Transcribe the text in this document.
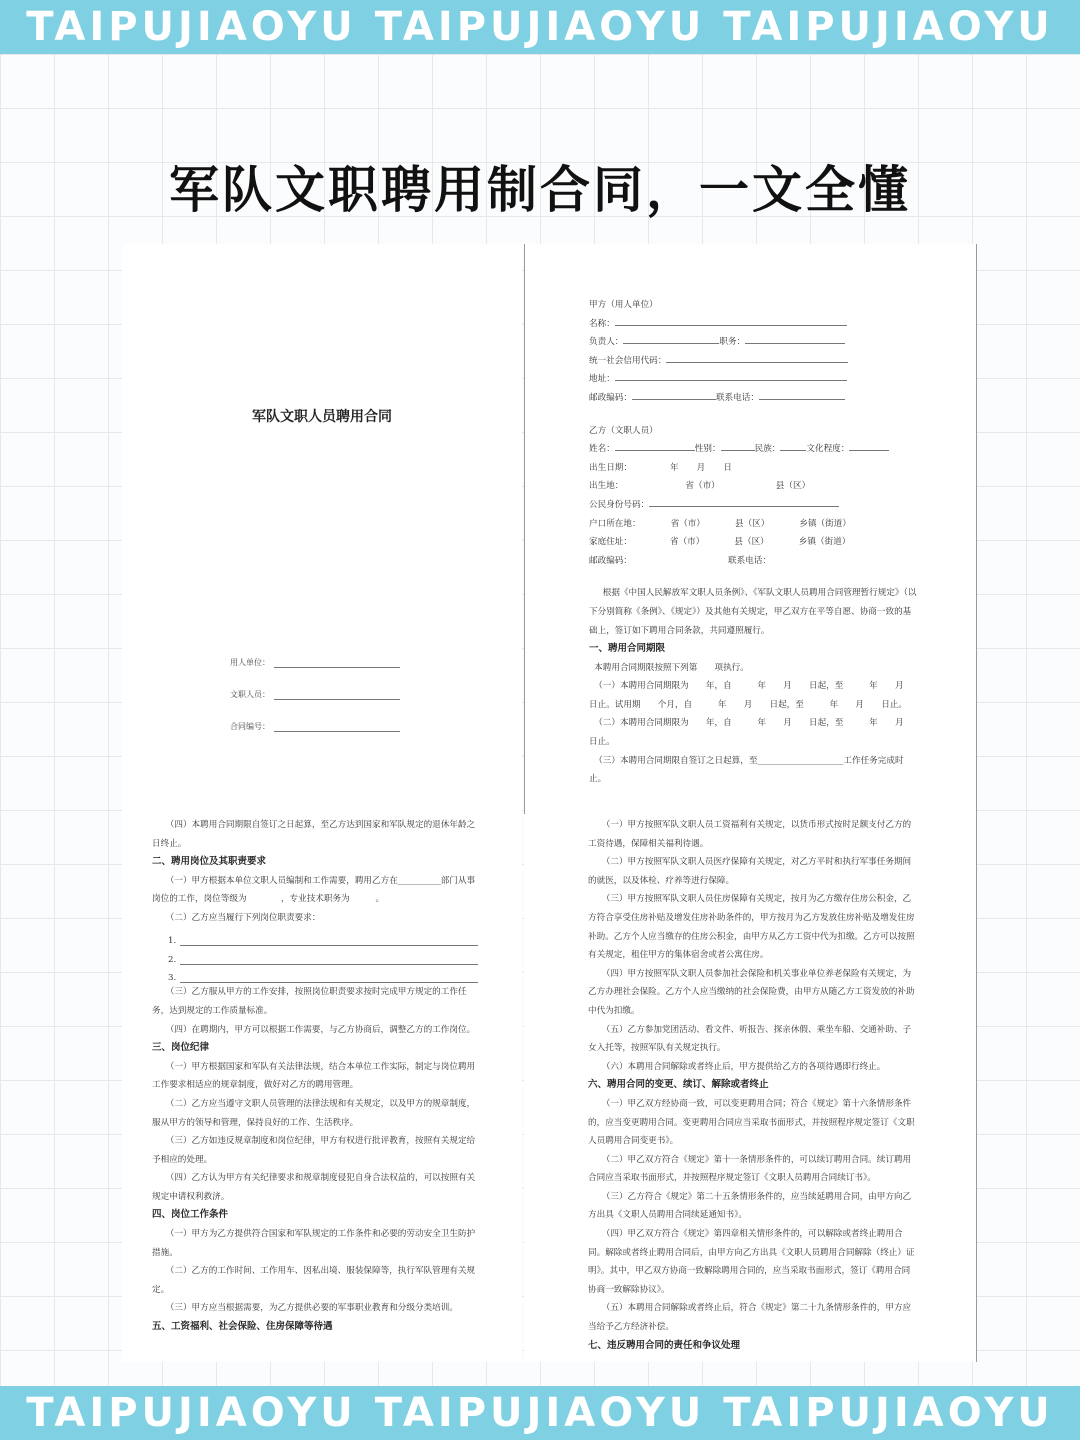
TAIPUJIAOYU TAIPUJIAOYU TAIPUJIAOYU
军队文职聘用制合同，一文全懂
军队文职人员聘用合同
用人单位：
文职人员：
合同编号：
甲方（用人单位）
名称：
负责人：	职务：
统一社会信用代码：
地址：
邮政编码：	联系电话：
乙方（文职人员）
姓名：	性别：	民族：	文化程度：
出生日期：	年 月 日
出生地：	省（市）	县（区）
公民身份号码：
户口所在地：	省（市）	县（区）	乡镇（街道）
家庭住址：	省（市）	县（区）	乡镇（街道）
邮政编码：	联系电话：

根据《中国人民解放军文职人员条例》、《军队文职人员聘用合同管理暂行规定》（以下分别简称《条例》、《规定》）及其他有关规定，甲乙双方在平等自愿、协商一致的基础上，签订如下聘用合同条款，共同遵照履行。

一、聘用合同期限

本聘用合同期限按照下列第　　项执行。

（一）本聘用合同期限为　　年，自　　　年　　月　　日起，至　　　年　　月　　日止。试用期　　个月，自　　　年　　月　　日起，至　　　年　　月　　日止。

（二）本聘用合同期限为　　年，自　　　年　　月　　日起，至　　　年　　月　　日止。

（三）本聘用合同期限自签订之日起算，至____________________工作任务完成时止。

（四）本聘用合同期限自签订之日起算，至乙方达到国家和军队规定的退休年龄之日终止。

二、聘用岗位及其职责要求

（一）甲方根据本单位文职人员编制和工作需要，聘用乙方在__________部门从事　　　　　岗位的工作，岗位等级为　　　　，专业技术职务为　　　。

（二）乙方应当履行下列岗位职责要求：

1.
2.
3.

（三）乙方服从甲方的工作安排，按照岗位职责要求按时完成甲方规定的工作任务，达到规定的工作质量标准。

（四）在聘期内，甲方可以根据工作需要，与乙方协商后，调整乙方的工作岗位。

三、岗位纪律

（一）甲方根据国家和军队有关法律法规，结合本单位工作实际，制定与岗位聘用工作要求相适应的规章制度，做好对乙方的聘用管理。

（二）乙方应当遵守文职人员管理的法律法规和有关规定，以及甲方的规章制度，服从甲方的领导和管理，保持良好的工作、生活秩序。

（三）乙方如违反规章制度和岗位纪律，甲方有权进行批评教育，按照有关规定给予相应的处理。

（四）乙方认为甲方有关纪律要求和规章制度侵犯自身合法权益的，可以按照有关规定申请权利救济。

四、岗位工作条件

（一）甲方为乙方提供符合国家和军队规定的工作条件和必要的劳动安全卫生防护措施。

（二）乙方的工作时间、工作用车、因私出境、服装保障等，执行军队管理有关规定。

（三）甲方应当根据需要，为乙方提供必要的军事职业教育和分级分类培训。

五、工资福利、社会保险、住房保障等待遇

（一）甲方按照军队文职人员工资福利有关规定，以货币形式按时足额支付乙方的工资待遇，保障相关福利待遇。

（二）甲方按照军队文职人员医疗保障有关规定，对乙方平时和执行军事任务期间的就医，以及体检、疗养等进行保障。

（三）甲方按照军队文职人员住房保障有关规定，按月为乙方缴存住房公积金，乙方符合享受住房补贴及增发住房补助条件的，甲方按月为乙方发放住房补贴及增发住房补助。乙方个人应当缴存的住房公积金，由甲方从乙方工资中代为扣缴。乙方可以按照有关规定，租住甲方的集体宿舍或者公寓住房。

（四）甲方按照军队文职人员参加社会保险和机关事业单位养老保险有关规定，为乙方办理社会保险。乙方个人应当缴纳的社会保险费，由甲方从随乙方工资发放的补助中代为扣缴。

（五）乙方参加党团活动、看文件、听报告、探亲休假、乘坐车船、交通补助、子女入托等，按照军队有关规定执行。

（六）本聘用合同解除或者终止后，甲方提供给乙方的各项待遇即行终止。

六、聘用合同的变更、续订、解除或者终止

（一）甲乙双方经协商一致，可以变更聘用合同；符合《规定》第十六条情形条件的，应当变更聘用合同。变更聘用合同应当采取书面形式，并按照程序规定签订《文职人员聘用合同变更书》。

（二）甲乙双方符合《规定》第十一条情形条件的，可以续订聘用合同。续订聘用合同应当采取书面形式，并按照程序规定签订《文职人员聘用合同续订书》。

（三）乙方符合《规定》第二十五条情形条件的，应当续延聘用合同，由甲方向乙方出具《文职人员聘用合同续延通知书》。

（四）甲乙双方符合《规定》第四章相关情形条件的，可以解除或者终止聘用合同。解除或者终止聘用合同后，由甲方向乙方出具《文职人员聘用合同解除（终止）证明》。其中，甲乙双方协商一致解除聘用合同的，应当采取书面形式，签订《聘用合同协商一致解除协议》。

（五）本聘用合同解除或者终止后，符合《规定》第二十九条情形条件的，甲方应当给予乙方经济补偿。

七、违反聘用合同的责任和争议处理

TAIPUJIAOYU TAIPUJIAOYU TAIPUJIAOYU
